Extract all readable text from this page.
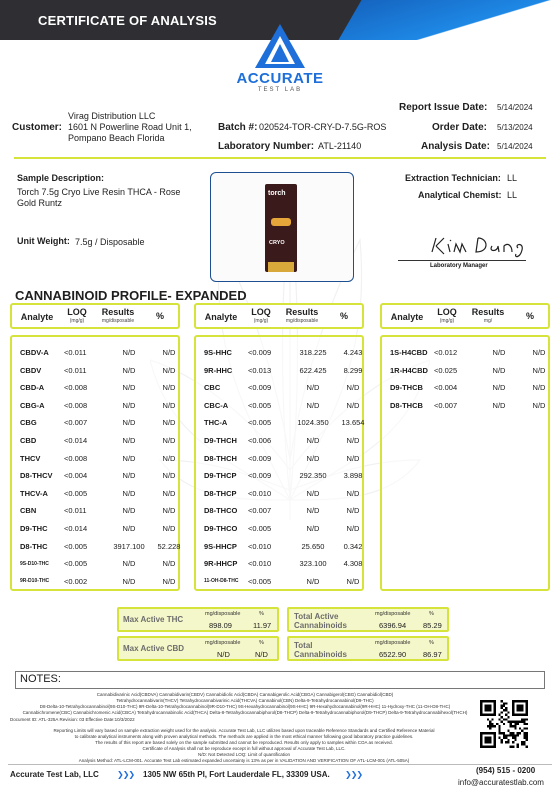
CERTIFICATE OF ANALYSIS
ACCURATE
TEST LAB
Customer:
Virag Distribution LLC
1601 N Powerline Road Unit 1,
Pompano Beach Florida
Batch #: 020524-TOR-CRY-D-7.5G-ROS
Laboratory Number: ATL-21140
Report Issue Date: 5/14/2024
Order Date: 5/13/2024
Analysis Date: 5/14/2024
Sample Description:
Torch 7.5g Cryo Live Resin THCA - Rose
Gold Runtz
Unit Weight: 7.5g / Disposable
torch
CRYO
Extraction Technician: LL
Analytical Chemist: LL
Laboratory Manager
CANNABINOID PROFILE- EXPANDED
Analyte	LOQ
(mg/g)
Results
mg/disposable	%
CBDV-A	<0.011	N/D	N/D
CBDV	<0.011	N/D	N/D
CBD-A	<0.008	N/D	N/D
CBG-A	<0.008	N/D	N/D
CBG	<0.007	N/D	N/D
CBD	<0.014	N/D	N/D
THCV	<0.008	N/D	N/D
D8-THCV	<0.004	N/D	N/D
THCV-A	<0.005	N/D	N/D
CBN	<0.011	N/D	N/D
D9-THC	<0.014	N/D	N/D
D8-THC	<0.005	3917.100	52.228
9S-D10-THC	<0.005	N/D	N/D
9R-D10-THC	<0.002	N/D	N/D
Analyte	LOQ
(mg/g)
Results
mg/disposable	%
9S-HHC	<0.009	318.225	4.243
9R-HHC	<0.013	622.425	8.299
CBC	<0.009	N/D	N/D
CBC-A	<0.005	N/D	N/D
THC-A	<0.005	1024.350	13.654
D9-THCH	<0.006	N/D	N/D
D8-THCH	<0.009	N/D	N/D
D9-THCP	<0.009	292.350	3.898
D8-THCP	<0.010	N/D	N/D
D8-THCO	<0.007	N/D	N/D
D9-THCO	<0.005	N/D	N/D
9S-HHCP	<0.010	25.650	0.342
9R-HHCP	<0.010	323.100	4.308
11-OH-D8-THC	<0.005	N/D	N/D
Analyte	LOQ
(mg/g)
Results
mg/	%
1S-H4CBD <0.012	N/D	N/D
1R-H4CBD <0.025	N/D	N/D
D9-THCB	<0.004	N/D	N/D
D8-THCB	<0.007	N/D	N/D
Max Active THC
mg/disposable	%
898.09	11.97
Max Active CBD
mg/disposable	%
N/D	N/D
Total Active
Cannabinoids
mg/disposable	%
6396.94 85.29
Total
Cannabinoids
mg/disposable	%
6522.90 86.97
NOTES:
Cannabidivarinic Acid(CBDVA) Cannabidivarin(CBDV) Cannabidiolic Acid(CBDA) Cannabigerolic Acid(CBGA) Cannabigerol(CBG) Cannabidiol(CBD)
Tetrahydrocannabivarin(THCV) Tetrahydrocannabivarinic Acid(THCVA) Cannabinol(CBN) Delta-9-Tetrahydrocannabinol(D9-THC)
D8-Delta-10-Tetrahydrocannabinol(9S-D10-THC) 9R-Delta-10-Tetrahydrocannabinol(9R-D10-THC) 9S-Hexahydrocannabinol(9S-HHC) 9R-Hexahydrocannabinol(9R-HHC) 11-Hydroxy-THC (11-OH-D8-THC)
Cannabichromene(CBC) Cannabichromenic Acid(CBCA) Tetrahydrocannabinolic Acid(THCA) Delta-8-Tetrahydrocannabiphorol(D8-THCP) Delta-9-Tetrahydrocannabiphorol(D9-THCP) Delta-9-Tetrahydrocannabihexol(THCH)
Document ID: ATL-325A Revision: 03 Effective Date:10/3/2022
Reporting Limits will vary based on sample extraction weight used for the analysis. Accurate Test Lab, LLC utilizes based upon traceable Reference Standards and Certified Reference Material
to calibrate analytical instruments along with proven analytical methods. The methods are applied in the most ethical manner following good laboratory practice guidelines.
The results of this report are based solely on the sample submitted and cannot be reproduced. Results only apply to samples within COA as received.
Certificate of Analysis shall not be reproduce except in full without approval of Accurate Test Lab, LLC.
N/D: Not Detected LOQ: Limit of quantification
Analysis Method: ATL-LCM-001. Accurate Test Lab estimated expanded uncertainty is 13% as per in VALIDATION AND VERIFICATION OF ATL-LCM-001 (ATL-505A)
Accurate Test Lab, LLC ❯❯❯ 1305 NW 65th Pl, Fort Lauderdale FL, 33309 USA. ❯❯❯	(954) 515 - 0200
info@accuratestlab.com
